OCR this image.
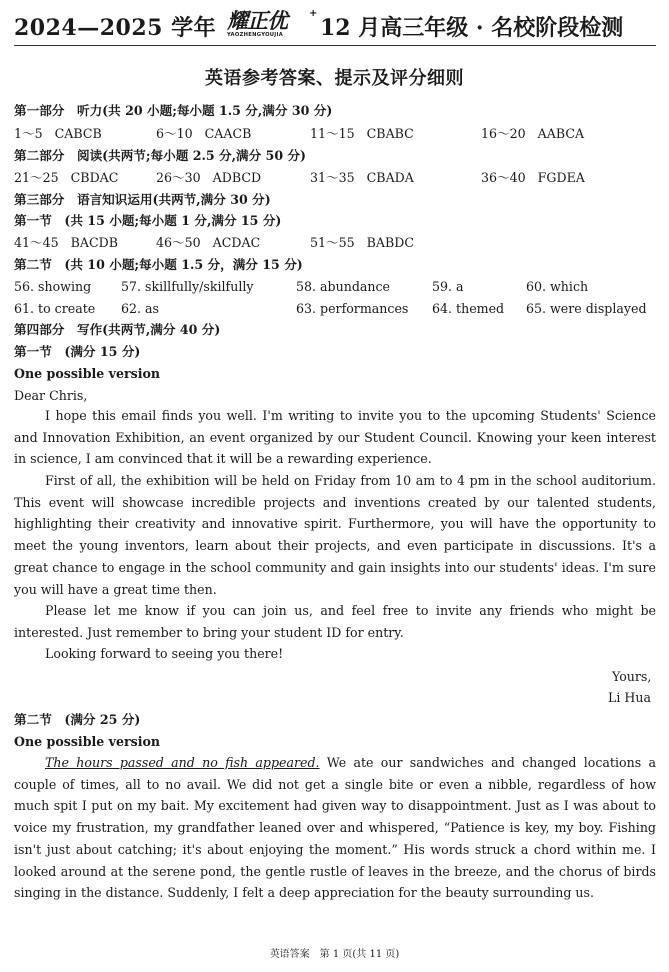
2024—2025 学年 耀正优
YAOZHENGYOUJIA
+
12 月高三年级 · 名校阶段检测
英语参考答案、提示及评分细则
第一部分　听力(共 20 小题;每小题 1.5 分,满分 30 分)
1～5 CABCB	6～10 CAACB	11～15 CBABC	16～20 AABCA
第二部分　阅读(共两节;每小题 2.5 分,满分 50 分)
21～25 CBDAC	26～30 ADBCD	31～35 CBADA	36～40 FGDEA
第三部分　语言知识运用(共两节,满分 30 分)
第一节　(共 15 小题;每小题 1 分,满分 15 分)
41～45 BACDB	46～50 ACDAC	51～55 BABDC
第二节　(共 10 小题;每小题 1.5 分，满分 15 分)
56. showing 57. skillfully/skilfully	58. abundance	59. a	60. which
61. to create 62. as	63. performances 64. themed 65. were displayed
第四部分　写作(共两节,满分 40 分)
第一节　(满分 15 分)
One possible version
Dear Chris,
I hope this email finds you well. I'm writing to invite you to the upcoming Students' Science and Innovation Exhibition, an event organized by our Student Council. Knowing your keen interest in science, I am convinced that it will be a rewarding experience.
First of all, the exhibition will be held on Friday from 10 am to 4 pm in the school auditorium. This event will showcase incredible projects and inventions created by our talented students, highlighting their creativity and innovative spirit. Furthermore, you will have the opportunity to meet the young inventors, learn about their projects, and even participate in discussions. It's a great chance to engage in the school community and gain insights into our students' ideas. I'm sure you will have a great time then.
Please let me know if you can join us, and feel free to invite any friends who might be interested. Just remember to bring your student ID for entry.
Looking forward to seeing you there!
Yours,
Li Hua
第二节　(满分 25 分)
One possible version
The hours passed and no fish appeared. We ate our sandwiches and changed locations a couple of times, all to no avail. We did not get a single bite or even a nibble, regardless of how much spit I put on my bait. My excitement had given way to disappointment. Just as I was about to voice my frustration, my grandfather leaned over and whispered, “Patience is key, my boy. Fishing isn't just about catching; it's about enjoying the moment.” His words struck a chord within me. I looked around at the serene pond, the gentle rustle of leaves in the breeze, and the chorus of birds singing in the distance. Suddenly, I felt a deep appreciation for the beauty surrounding us.
英语答案　第 1 页(共 11 页)
